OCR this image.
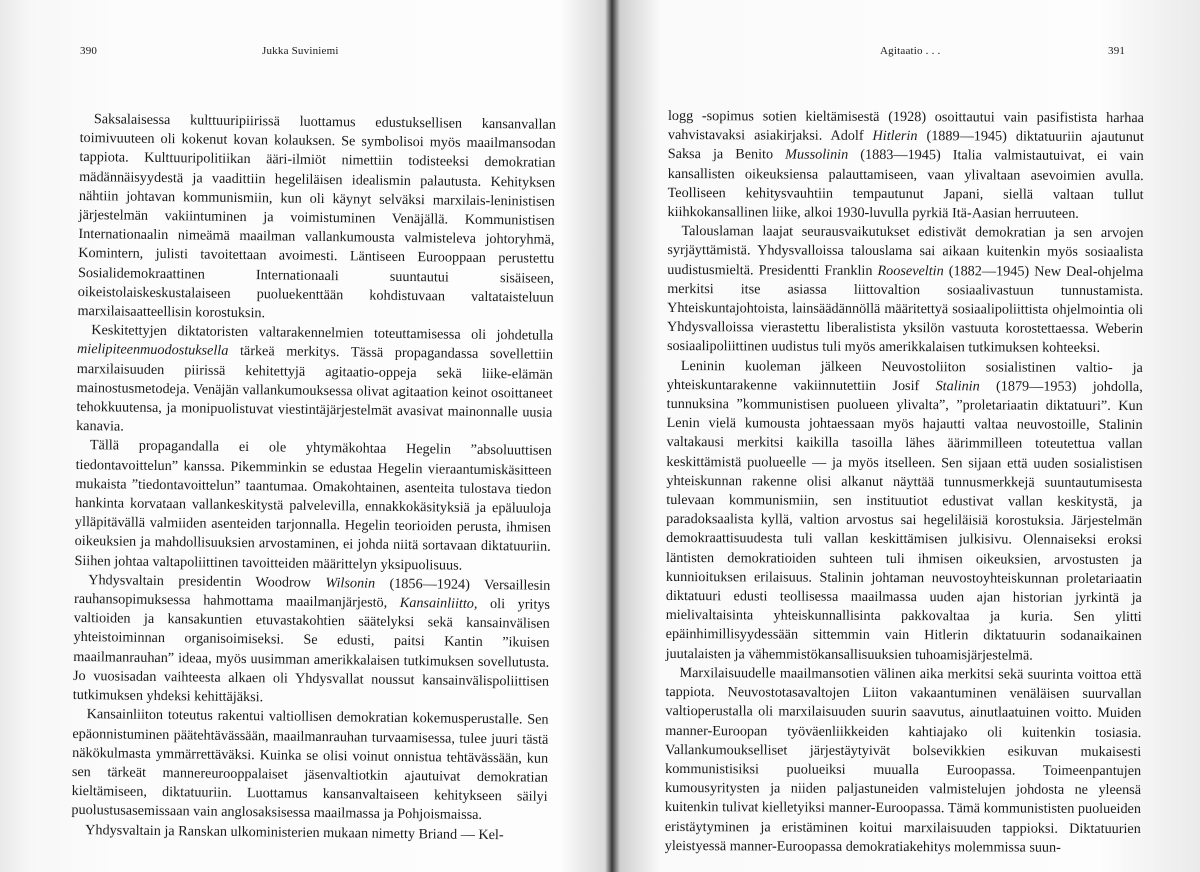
390	Jukka Suviniemi

Saksalaisessa kulttuuripiirissä luottamus edustuksellisen kansanvallan toimivuuteen oli kokenut kovan kolauksen. Se symbolisoi myös maailmansodan tappiota. Kulttuuripolitiikan ääri-ilmiöt nimettiin todisteeksi demokratian mädännäisyydestä ja vaadittiin hegeliläisen idealismin palautusta. Kehityksen nähtiin johtavan kommunismiin, kun oli käynyt selväksi marxilais-leninistisen järjestelmän vakiintuminen ja voimistuminen Venäjällä. Kommunistisen Internationaalin nimeämä maailman vallankumousta valmisteleva johtoryhmä, Komintern, julisti tavoitettaan avoimesti. Läntiseen Eurooppaan perustettu Sosialidemokraattinen Internationaali suuntautui sisäiseen, oikeistolaiskeskustalaiseen puoluekenttään kohdistuvaan valtataisteluun marxilaisaatteellisin korostuksin.

Keskitettyjen diktatoristen valtarakennelmien toteuttamisessa oli johdetulla mielipiteenmuodostuksella tärkeä merkitys. Tässä propagandassa sovellettiin marxilaisuuden piirissä kehitettyjä agitaatio-oppeja sekä liike-elämän mainostusmetodeja. Venäjän vallankumouksessa olivat agitaation keinot osoittaneet tehokkuutensa, ja monipuolistuvat viestintäjärjestelmät avasivat mainonnalle uusia kanavia.

Tällä propagandalla ei ole yhtymäkohtaa Hegelin ”absoluuttisen tiedontavoittelun” kanssa. Pikemminkin se edustaa Hegelin vieraantumiskäsitteen mukaista ”tiedontavoittelun” taantumaa. Omakohtainen, asenteita tulostava tiedon hankinta korvataan vallankeskitystä palvelevilla, ennakkokäsityksiä ja epäluuloja ylläpitävällä valmiiden asenteiden tarjonnalla. Hegelin teorioiden perusta, ihmisen oikeuksien ja mahdollisuuksien arvostaminen, ei johda niitä sortavaan diktatuuriin. Siihen johtaa valtapoliittinen tavoitteiden määrittelyn yksipuolisuus.

Yhdysvaltain presidentin Woodrow Wilsonin (1856—1924) Versaillesin rauhansopimuksessa hahmottama maailmanjärjestö, Kansainliitto, oli yritys valtioiden ja kansakuntien etuvastakohtien säätelyksi sekä kansainvälisen yhteistoiminnan organisoimiseksi. Se edusti, paitsi Kantin ”ikuisen maailmanrauhan” ideaa, myös uusimman amerikkalaisen tutkimuksen sovellutusta. Jo vuosisadan vaihteesta alkaen oli Yhdysvallat noussut kansainvälispoliittisen tutkimuksen yhdeksi kehittäjäksi.

Kansainliiton toteutus rakentui valtiollisen demokratian kokemusperustalle. Sen epäonnistuminen päätehtävässään, maailmanrauhan turvaamisessa, tulee juuri tästä näkökulmasta ymmärrettäväksi. Kuinka se olisi voinut onnistua tehtävässään, kun sen tärkeät mannereurooppalaiset jäsenvaltiotkin ajautuivat demokratian kieltämiseen, diktatuuriin. Luottamus kansanvaltaiseen kehitykseen säilyi puolustusasemissaan vain anglosaksisessa maailmassa ja Pohjoismaissa.

Yhdysvaltain ja Ranskan ulkoministerien mukaan nimetty Briand — Kel-

Agitaatio . . .	391

logg -sopimus sotien kieltämisestä (1928) osoittautui vain pasifistista harhaa vahvistavaksi asiakirjaksi. Adolf Hitlerin (1889—1945) diktatuuriin ajautunut Saksa ja Benito Mussolinin (1883—1945) Italia valmistautuivat, ei vain kansallisten oikeuksiensa palauttamiseen, vaan ylivaltaan asevoimien avulla. Teolliseen kehitysvauhtiin tempautunut Japani, siellä valtaan tullut kiihkokansallinen liike, alkoi 1930-luvulla pyrkiä Itä-Aasian herruuteen.

Talouslaman laajat seurausvaikutukset edistivät demokratian ja sen arvojen syrjäyttämistä. Yhdysvalloissa talouslama sai aikaan kuitenkin myös sosiaalista uudistusmieltä. Presidentti Franklin Rooseveltin (1882—1945) New Deal-ohjelma merkitsi itse asiassa liittovaltion sosiaalivastuun tunnustamista. Yhteiskuntajohtoista, lainsäädännöllä määritettyä sosiaalipoliittista ohjelmointia oli Yhdysvalloissa vierastettu liberalistista yksilön vastuuta korostettaessa. Weberin sosiaalipoliittinen uudistus tuli myös amerikkalaisen tutkimuksen kohteeksi.

Leninin kuoleman jälkeen Neuvostoliiton sosialistinen valtio- ja yhteiskuntarakenne vakiinnutettiin Josif Stalinin (1879—1953) johdolla, tunnuksina ”kommunistisen puolueen ylivalta”, ”proletariaatin diktatuuri”. Kun Lenin vielä kumousta johtaessaan myös hajautti valtaa neuvostoille, Stalinin valtakausi merkitsi kaikilla tasoilla lähes äärimmilleen toteutettua vallan keskittämistä puolueelle — ja myös itselleen. Sen sijaan että uuden sosialistisen yhteiskunnan rakenne olisi alkanut näyttää tunnusmerkkejä suuntautumisesta tulevaan kommunismiin, sen instituutiot edustivat vallan keskitystä, ja paradoksaalista kyllä, valtion arvostus sai hegeliläisiä korostuksia. Järjestelmän demokraattisuudesta tuli vallan keskittämisen julkisivu. Olennaiseksi eroksi läntisten demokratioiden suhteen tuli ihmisen oikeuksien, arvostusten ja kunnioituksen erilaisuus. Stalinin johtaman neuvostoyhteiskunnan proletariaatin diktatuuri edusti teollisessa maailmassa uuden ajan historian jyrkintä ja mielivaltaisinta yhteiskunnallisinta pakkovaltaa ja kuria. Sen ylitti epäinhimillisyydessään sittemmin vain Hitlerin diktatuurin sodanaikainen juutalaisten ja vähemmistökansallisuuksien tuhoamisjärjestelmä.

Marxilaisuudelle maailmansotien välinen aika merkitsi sekä suurinta voittoa että tappiota. Neuvostotasavaltojen Liiton vakaantuminen venäläisen suurvallan valtioperustalla oli marxilaisuuden suurin saavutus, ainutlaatuinen voitto. Muiden manner-Euroopan työväenliikkeiden kahtiajako oli kuitenkin tosiasia. Vallankumoukselliset järjestäytyivät bolsevikkien esikuvan mukaisesti kommunistisiksi puolueiksi muualla Euroopassa. Toimeenpantujen kumousyritysten ja niiden paljastuneiden valmistelujen johdosta ne yleensä kuitenkin tulivat kielletyiksi manner-Euroopassa. Tämä kommunististen puolueiden eristäytyminen ja eristäminen koitui marxilaisuuden tappioksi. Diktatuurien yleistyessä manner-Euroopassa demokratiakehitys molemmissa suun-
